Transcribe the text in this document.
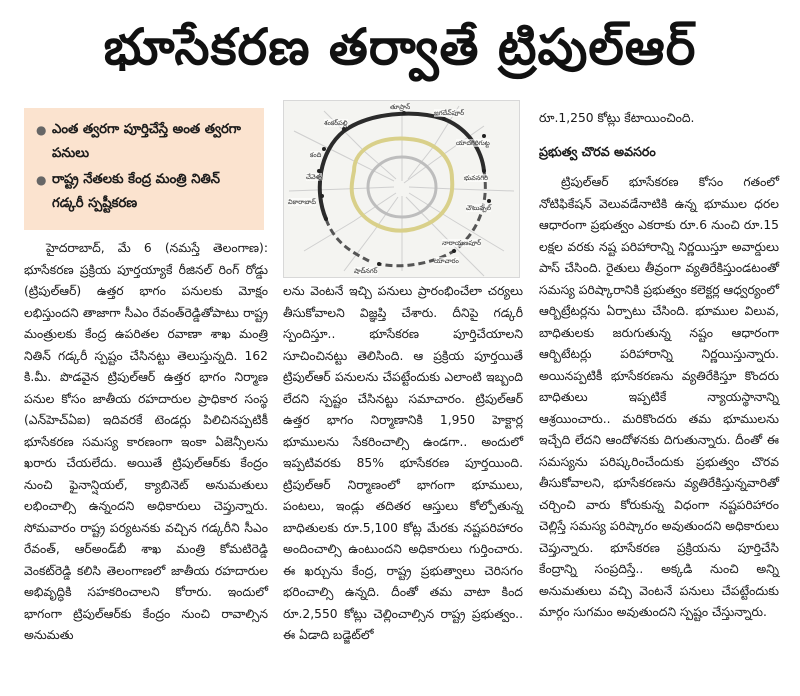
భూసేకరణ తర్వాతే ట్రిపుల్‌ఆర్
● ఎంత త్వరగా పూర్తిచేస్తే అంత త్వరగా పనులు
● రాష్ట్ర నేతలకు కేంద్ర మంత్రి నితిన్ గడ్కరీ స్పష్టీకరణ

హైదరాబాద్, మే 6 (నమస్తే తెలంగాణ): భూసేకరణ ప్రక్రియ పూర్తయ్యాకే రీజినల్ రింగ్ రోడ్డు (ట్రిపుల్‌ఆర్) ఉత్తర భాగం పనులకు మోక్షం లభిస్తుందని తాజాగా సీఎం రేవంత్‌రెడ్డితోపాటు రాష్ట్ర మంత్రులకు కేంద్ర ఉపరితల రవాణా శాఖ మంత్రి నితిన్ గడ్కరీ స్పష్టం చేసినట్టు తెలుస్తున్నది. 162 కి.మీ. పొడవైన ట్రిపుల్‌ఆర్ ఉత్తర భాగం నిర్మాణ పనుల కోసం జాతీయ రహదారుల ప్రాధికార సంస్థ (ఎన్‌హెచ్‌ఏఐ) ఇదివరకే టెండర్లు పిలిచినప్పటికీ భూసేకరణ సమస్య కారణంగా ఇంకా ఏజెన్సీలను ఖరారు చేయలేదు. అయితే ట్రిపుల్‌ఆర్‌కు కేంద్రం నుంచి ఫైనాన్షియల్, క్యాబినెట్ అనుమతులు లభించాల్సి ఉన్నందని అధికారులు చెప్తున్నారు. సోమవారం రాష్ట్ర పర్యటనకు వచ్చిన గడ్కరీని సీఎం రేవంత్, ఆర్‌అండ్‌బీ శాఖ మంత్రి కోమటిరెడ్డి వెంకట్‌రెడ్డి కలిసి తెలంగాణలో జాతీయ రహదారుల అభివృద్ధికి సహకరించాలని కోరారు. ఇందులో భాగంగా ట్రిపుల్‌ఆర్‌కు కేంద్రం నుంచి రావాల్సిన అనుమతు

తూప్రాన్
జగదేవ్‌పూర్
శంకర్‌పల్లి
యాదగిరిగుట్ట
కంది
చేవెళ్ళ	భువనగిరి
వికారాబాద్
చౌటుప్పల్
నారాయణపూర్
యాచారం
షాద్‌నగర్

లను వెంటనే ఇచ్చి పనులు ప్రారంభించేలా చర్యలు తీసుకోవాలని విజ్ఞప్తి చేశారు. దీనిపై గడ్కరీ స్పందిస్తూ.. భూసేకరణ పూర్తిచేయాలని సూచించినట్టు తెలిసింది. ఆ ప్రక్రియ పూర్తయితే ట్రిపుల్‌ఆర్ పనులను చేపట్టేందుకు ఎలాంటి ఇబ్బంది లేదని స్పష్టం చేసినట్టు సమాచారం. ట్రిపుల్‌ఆర్ ఉత్తర భాగం నిర్మాణానికి 1,950 హెక్టార్ల భూములను సేకరించాల్సి ఉండగా.. అందులో ఇప్పటివరకు 85% భూసేకరణ పూర్తయింది. ట్రిపుల్‌ఆర్ నిర్మాణంలో భాగంగా భూములు, పంటలు, ఇండ్లు తదితర ఆస్తులు కోల్పోతున్న బాధితులకు రూ.5,100 కోట్ల మేరకు నష్టపరిహారం అందించాల్సి ఉంటుందని అధికారులు గుర్తించారు. ఈ ఖర్చును కేంద్ర, రాష్ట్ర ప్రభుత్వాలు చెరిసగం భరించాల్సి ఉన్నది. దీంతో తమ వాటా కింద రూ.2,550 కోట్లు చెల్లించాల్సిన రాష్ట్ర ప్రభుత్వం.. ఈ ఏడాది బడ్జెట్‌లో

రూ.1,250 కోట్లు కేటాయించింది.

ప్రభుత్వ చొరవ అవసరం

ట్రిపుల్‌ఆర్ భూసేకరణ కోసం గతంలో నోటిఫికేషన్ వెలువడేనాటికి ఉన్న భూముల ధరల ఆధారంగా ప్రభుత్వం ఎకరాకు రూ.6 నుంచి రూ.15 లక్షల వరకు నష్ట పరిహారాన్ని నిర్ణయిస్తూ అవార్డులు పాస్ చేసింది. రైతులు తీవ్రంగా వ్యతిరేకిస్తుండటంతో సమస్య పరిష్కారానికి ప్రభుత్వం కలెక్టర్ల ఆధ్వర్యంలో ఆర్బిట్రేటర్లను ఏర్పాటు చేసింది. భూముల విలువ, బాధితులకు జరుగుతున్న నష్టం ఆధారంగా ఆర్బిటేటర్లు పరిహారాన్ని నిర్ణయిస్తున్నారు. అయినప్పటికీ భూసేకరణను వ్యతిరేకిస్తూ కొందరు బాధితులు ఇప్పటికే న్యాయస్థానాన్ని ఆశ్రయించారు.. మరికొందరు తమ భూములను ఇచ్చేది లేదని ఆందోళనకు దిగుతున్నారు. దీంతో ఈ సమస్యను పరిష్కరించేందుకు ప్రభుత్వం చొరవ తీసుకోవాలని, భూసేకరణను వ్యతిరేకిస్తున్నవారితో చర్చించి వారు కోరుకున్న విధంగా నష్టపరిహారం చెల్లిస్తే సమస్య పరిష్కారం అవుతుందని అధికారులు చెప్తున్నారు. భూసేకరణ ప్రక్రియను పూర్తిచేసి కేంద్రాన్ని సంప్రదిస్తే.. అక్కడి నుంచి అన్ని అనుమతులు వచ్చి వెంటనే పనులు చేపట్టేందుకు మార్గం సుగమం అవుతుందని స్పష్టం చేస్తున్నారు.
